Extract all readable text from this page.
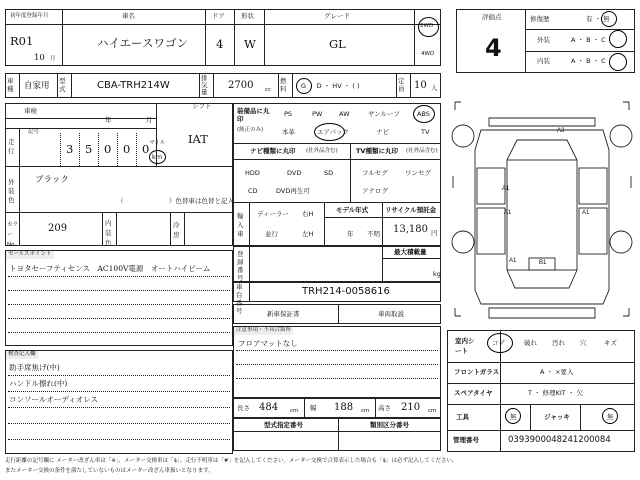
初年度登録年月
R01
10 月
車名
ハイエースワゴン
ドア
4
形状
W
グレード
GL
2WD
4WD
車種	自家用 型式	CBA-TRH214W
排気量
2700 cc
燃料	G ・ D ・ HV ・ ( )
定員 10 人
評価点
4
修復歴	有 ・ 無
外装	A ・ B ・ C
内装	A ・ B ・ C
車検
年	月
記号
走行	3 5 0 0 0 マイル
km
シフト
IAT
外装色
ブラック
（　　　　　　　）色替車は色替と記入
カラーNo.
209	内装色
冷房
装備品に丸印
(純正のみ)
PS	PW	AW	サンルーフ	ABS
本革	エアバック	ナビ	TV
ナビ種類に丸印 (社外品含む)
HDD	DVD	SD
CD	DVD再生可
TV種類に丸印 (社外品含む)
フルセグ	ワンセグ
アナログ
輸入車
ディーラー
並行
右H
左H
モデル年式
年 不明
リサイクル預託金
13,180 円
登録番号
最大積載量
kg
車台番号
TRH214-0058616
新車保証書	車両取説
セールスポイント
トヨタセーフティセンス　AC100V電源　オートハイビーム
検査記入欄
助手席焦げ(中)
ハンドル擦れ(中)
コンソールオーディオレス
注意事項・不具合箇所
フロアマットなし
長さ 484 cm 幅 188 cm 高さ 210 cm
型式指定番号	類別区分番号
A3
A1
A1	A1
B1
A1
室内シート
コゲ	破れ 汚れ 穴	キズ
フロントガラス	A ・ ×要入
スペアタイヤ	T ・ 修理KIT ・ 欠
工具	無	ジャッキ	無
管理番号	0393900048241200084
走行距離の記号欄に メーター改ざん車は「※」、メーター交換車は「$」、走行不明車は「#」を記入してください。メーター交換で合算表示した場合も「$」は必ず記入してください。
またメーター交換の条件を満たしていないものはメーター改ざん車扱いとなります。
